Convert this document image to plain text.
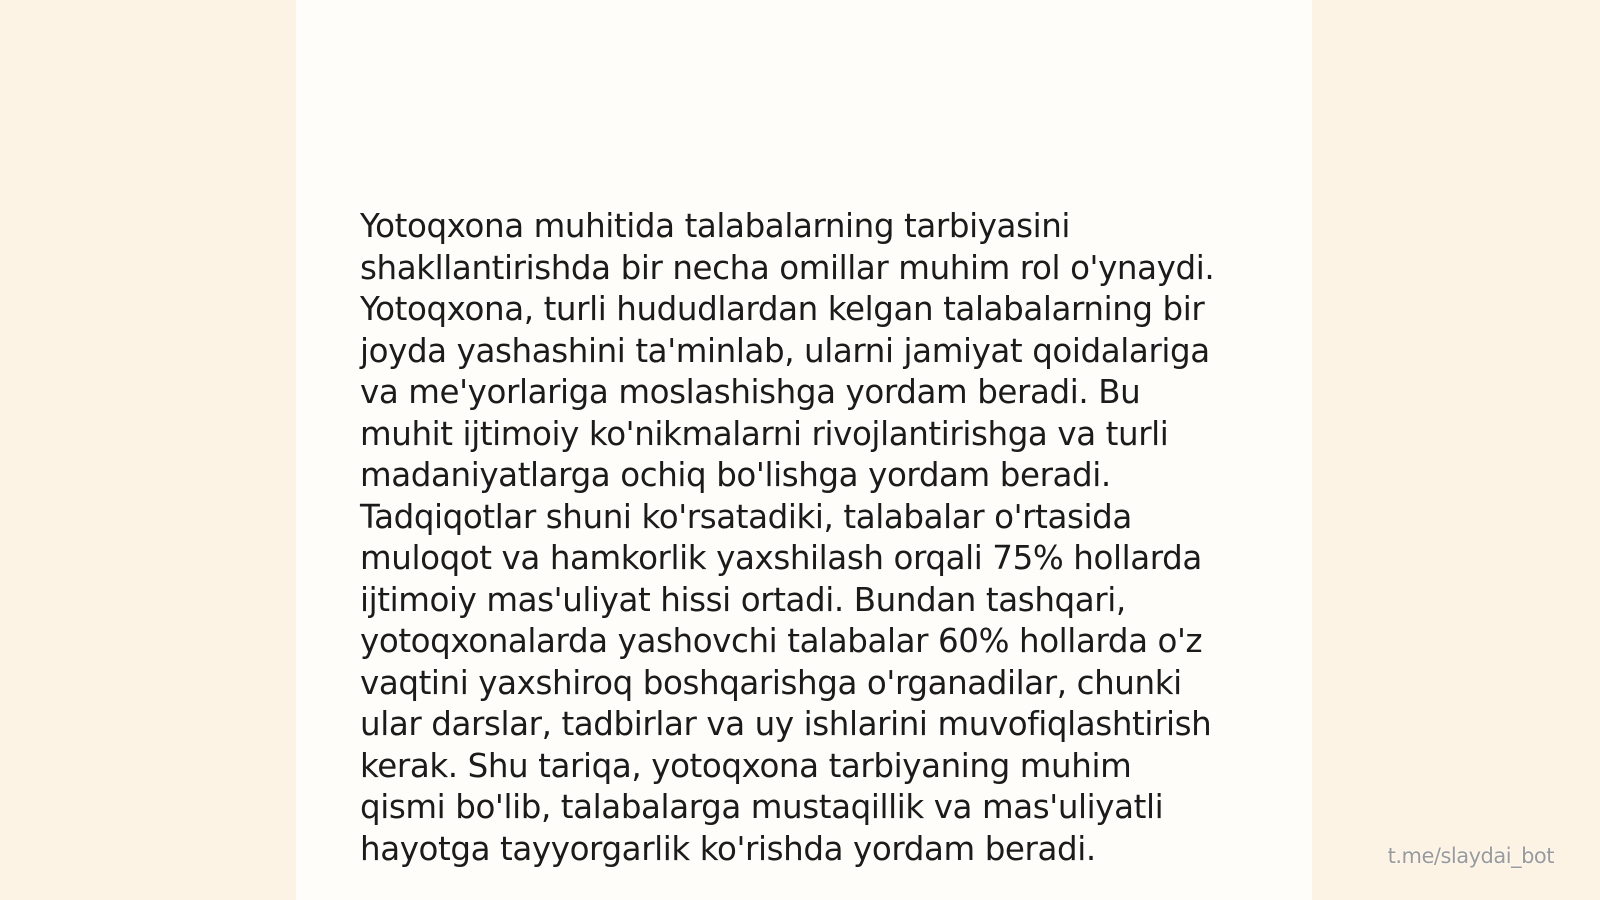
Yotoqxona muhitida talabalarning tarbiyasini
shakllantirishda bir necha omillar muhim rol o'ynaydi.
Yotoqxona, turli hududlardan kelgan talabalarning bir
joyda yashashini ta'minlab, ularni jamiyat qoidalariga
va me'yorlariga moslashishga yordam beradi. Bu
muhit ijtimoiy ko'nikmalarni rivojlantirishga va turli
madaniyatlarga ochiq bo'lishga yordam beradi.
Tadqiqotlar shuni ko'rsatadiki, talabalar o'rtasida
muloqot va hamkorlik yaxshilash orqali 75% hollarda
ijtimoiy mas'uliyat hissi ortadi. Bundan tashqari,
yotoqxonalarda yashovchi talabalar 60% hollarda o'z
vaqtini yaxshiroq boshqarishga o'rganadilar, chunki
ular darslar, tadbirlar va uy ishlarini muvofiqlashtirish
kerak. Shu tariqa, yotoqxona tarbiyaning muhim
qismi bo'lib, talabalarga mustaqillik va mas'uliyatli
hayotga tayyorgarlik ko'rishda yordam beradi.	t.me/slaydai_bot
